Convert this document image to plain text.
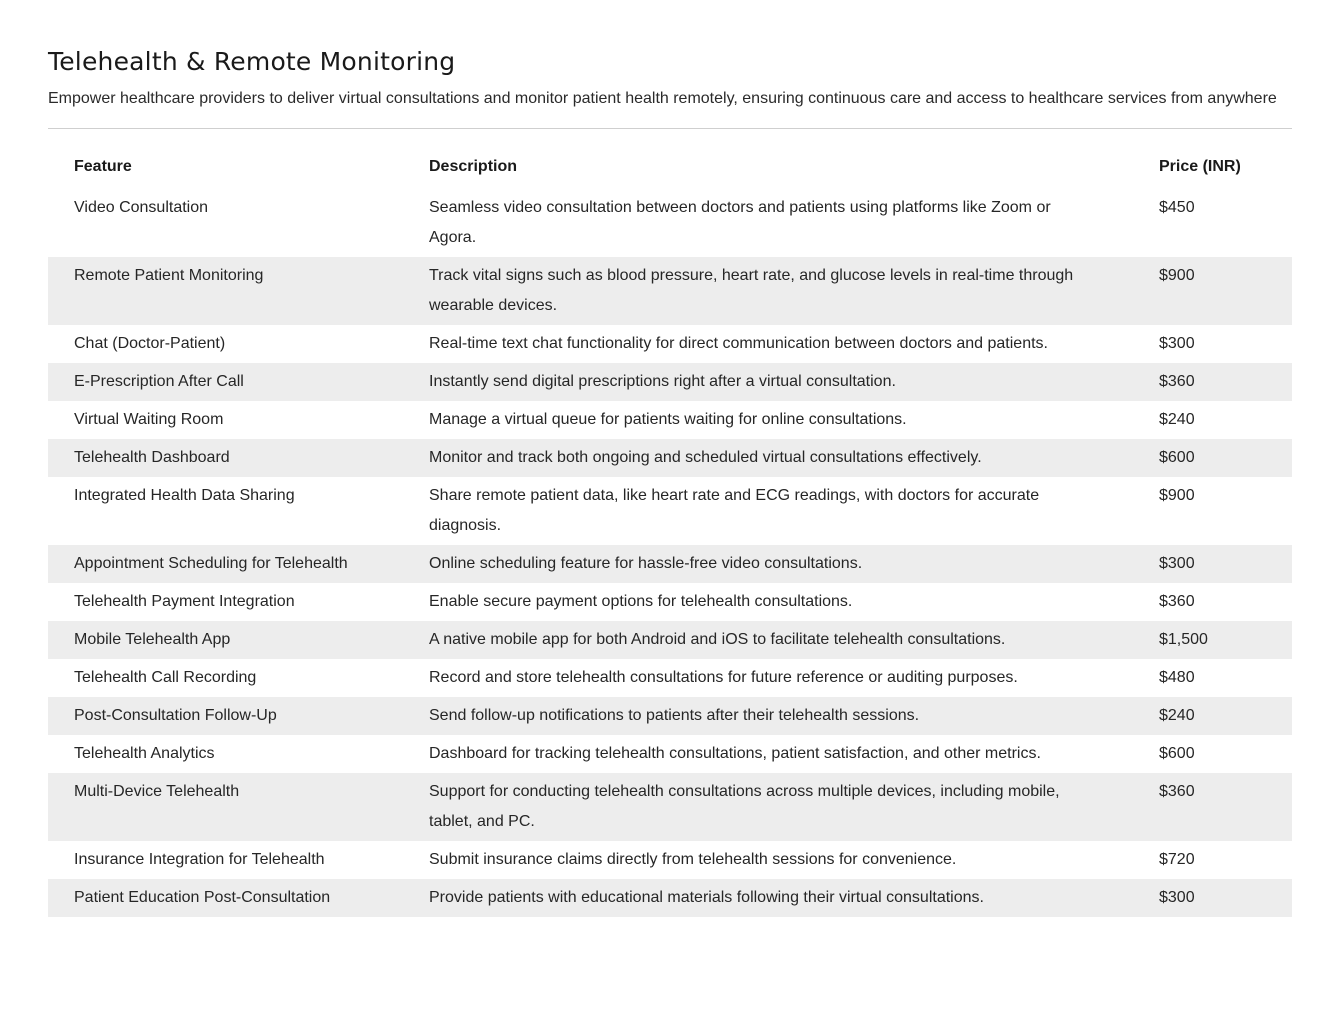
Telehealth & Remote Monitoring

Empower healthcare providers to deliver virtual consultations and monitor patient health remotely, ensuring continuous care and access to healthcare services from anywhere

Feature	Description	Price (INR)
Video Consultation	Seamless video consultation between doctors and patients using platforms like Zoom or Agora.	$450
Remote Patient Monitoring	Track vital signs such as blood pressure, heart rate, and glucose levels in real-time through wearable devices.	$900
Chat (Doctor-Patient)	Real-time text chat functionality for direct communication between doctors and patients.	$300
E-Prescription After Call	Instantly send digital prescriptions right after a virtual consultation.	$360
Virtual Waiting Room	Manage a virtual queue for patients waiting for online consultations.	$240
Telehealth Dashboard	Monitor and track both ongoing and scheduled virtual consultations effectively.	$600
Integrated Health Data Sharing	Share remote patient data, like heart rate and ECG readings, with doctors for accurate diagnosis.	$900
Appointment Scheduling for Telehealth	Online scheduling feature for hassle-free video consultations.	$300
Telehealth Payment Integration	Enable secure payment options for telehealth consultations.	$360
Mobile Telehealth App	A native mobile app for both Android and iOS to facilitate telehealth consultations.	$1,500
Telehealth Call Recording	Record and store telehealth consultations for future reference or auditing purposes.	$480
Post-Consultation Follow-Up	Send follow-up notifications to patients after their telehealth sessions.	$240
Telehealth Analytics	Dashboard for tracking telehealth consultations, patient satisfaction, and other metrics.	$600
Multi-Device Telehealth	Support for conducting telehealth consultations across multiple devices, including mobile, tablet, and PC.	$360
Insurance Integration for Telehealth	Submit insurance claims directly from telehealth sessions for convenience.	$720
Patient Education Post-Consultation	Provide patients with educational materials following their virtual consultations.	$300
